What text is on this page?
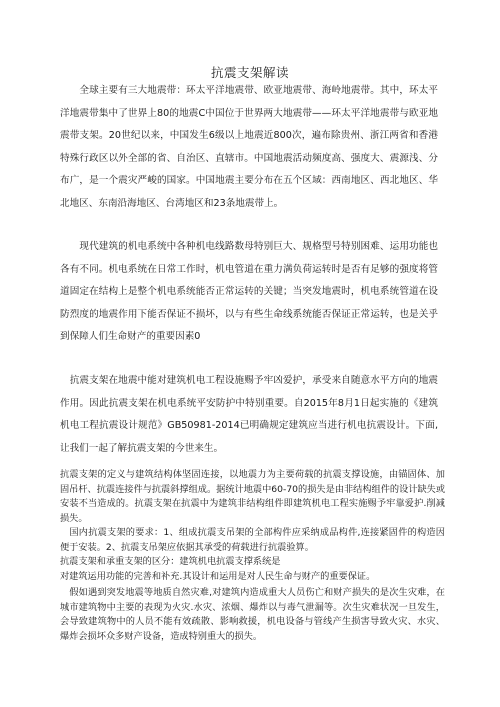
抗震支架解读

　　全球主要有三大地震带：环太平洋地震带、欧亚地震带、海岭地震带。其中，环太平洋地震带集中了世界上80的地震C中国位于世界两大地震带——环太平洋地震带与欧亚地震带支架。20世纪以来，中国发生6级以上地震近800次，遍布除贵州、浙江两省和香港特殊行政区以外全部的省、自治区、直辖市。中国地震活动频度高、强度大、震源浅、分布广，是一个震灾严峻的国家。中国地震主要分布在五个区域：西南地区、西北地区、华北地区、东南沿海地区、台湾地区和23条地震带上。

　　现代建筑的机电系统中各种机电线路数母特别巨大、规格型号特别困难、运用功能也各有不同。机电系统在日常工作时，机电管道在重力满负荷运转时是否有足够的强度将管道固定在结构上是整个机电系统能否正常运转的关键；当突发地震时，机电系统管道在设防烈度的地震作用下能否保证不损坏，以与有些生命线系统能否保证正常运转，也是关乎到保障人们生命财产的重要因素0

　抗震支架在地震中能对建筑机电工程设施赐予牢凶爱护，承受来自随意水平方向的地震作用。因此抗震支架在机电系统平安防护中特别重要。自2015年8月1日起实施的《建筑机电工程抗震设计规范》GB50981-2014已明确规定建筑应当进行机电抗震设计。下面,让我们一起了解抗震支架的今世来生。

抗震支架的定义与建筑结构体坚固连接，以地震力为主要荷载的抗震支撑设施，由锚固体、加固吊杆、抗震连接件与抗震斜撑组成。据统计地震中60-70的损失是由非结构组件的设计缺失或安装不当造成的。抗震支架在抗震中为建筑非结构组件即建筑机电工程实施赐予牢靠爱护.削减损失。
　国内抗震支架的要求：1、组成抗震支吊架的全部构件应采纳成品构件,连接紧固件的构造因便于安装。2、抗震支吊架应依据其承受的荷载进行抗震验算。

抗震支架和承重支架的区分：建筑机电抗震支撑系统是
对建筑运用功能的完善和补充.其设计和运用是对人民生命与财产的重要保证。

　假如遇到突发地震等地质自然灾难,对建筑内造成重大人员伤亡和财产损失的是次生灾难，在城市建筑物中主要的表现为火灾.水灾、浓烟、爆炸以与毒气泄漏等。次生灾难状况一旦发生，会导致建筑物中的人员不能有效疏散、影响救援，机电设备与管线产生损害导致火灾、水灾、爆炸会损坏众多财产设备，造成特别重大的损失。
